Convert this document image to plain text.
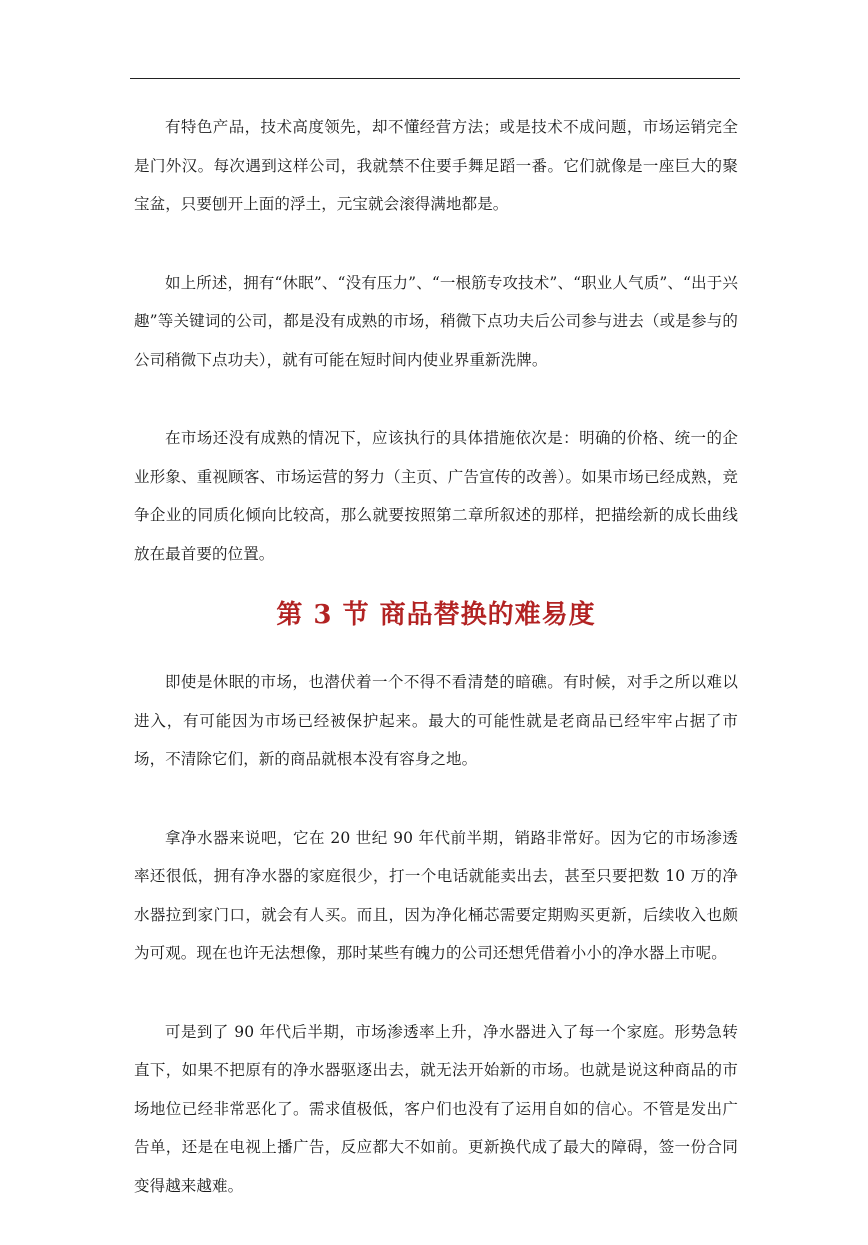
有特色产品，技术高度领先，却不懂经营方法；或是技术不成问题，市场运销完全是门外汉。每次遇到这样公司，我就禁不住要手舞足蹈一番。它们就像是一座巨大的聚宝盆，只要刨开上面的浮土，元宝就会滚得满地都是。

如上所述，拥有“休眠”、“没有压力”、“一根筋专攻技术”、“职业人气质”、“出于兴趣”等关键词的公司，都是没有成熟的市场，稍微下点功夫后公司参与进去（或是参与的公司稍微下点功夫），就有可能在短时间内使业界重新洗牌。

在市场还没有成熟的情况下，应该执行的具体措施依次是：明确的价格、统一的企业形象、重视顾客、市场运营的努力（主页、广告宣传的改善）。如果市场已经成熟，竞争企业的同质化倾向比较高，那么就要按照第二章所叙述的那样，把描绘新的成长曲线放在最首要的位置。

第 3 节 商品替换的难易度

即使是休眠的市场，也潜伏着一个不得不看清楚的暗礁。有时候，对手之所以难以进入，有可能因为市场已经被保护起来。最大的可能性就是老商品已经牢牢占据了市场，不清除它们，新的商品就根本没有容身之地。

拿净水器来说吧，它在 20 世纪 90 年代前半期，销路非常好。因为它的市场渗透率还很低，拥有净水器的家庭很少，打一个电话就能卖出去，甚至只要把数 10 万的净水器拉到家门口，就会有人买。而且，因为净化桶芯需要定期购买更新，后续收入也颇为可观。现在也许无法想像，那时某些有魄力的公司还想凭借着小小的净水器上市呢。

可是到了 90 年代后半期，市场渗透率上升，净水器进入了每一个家庭。形势急转直下，如果不把原有的净水器驱逐出去，就无法开始新的市场。也就是说这种商品的市场地位已经非常恶化了。需求值极低，客户们也没有了运用自如的信心。不管是发出广告单，还是在电视上播广告，反应都大不如前。更新换代成了最大的障碍，签一份合同变得越来越难。
